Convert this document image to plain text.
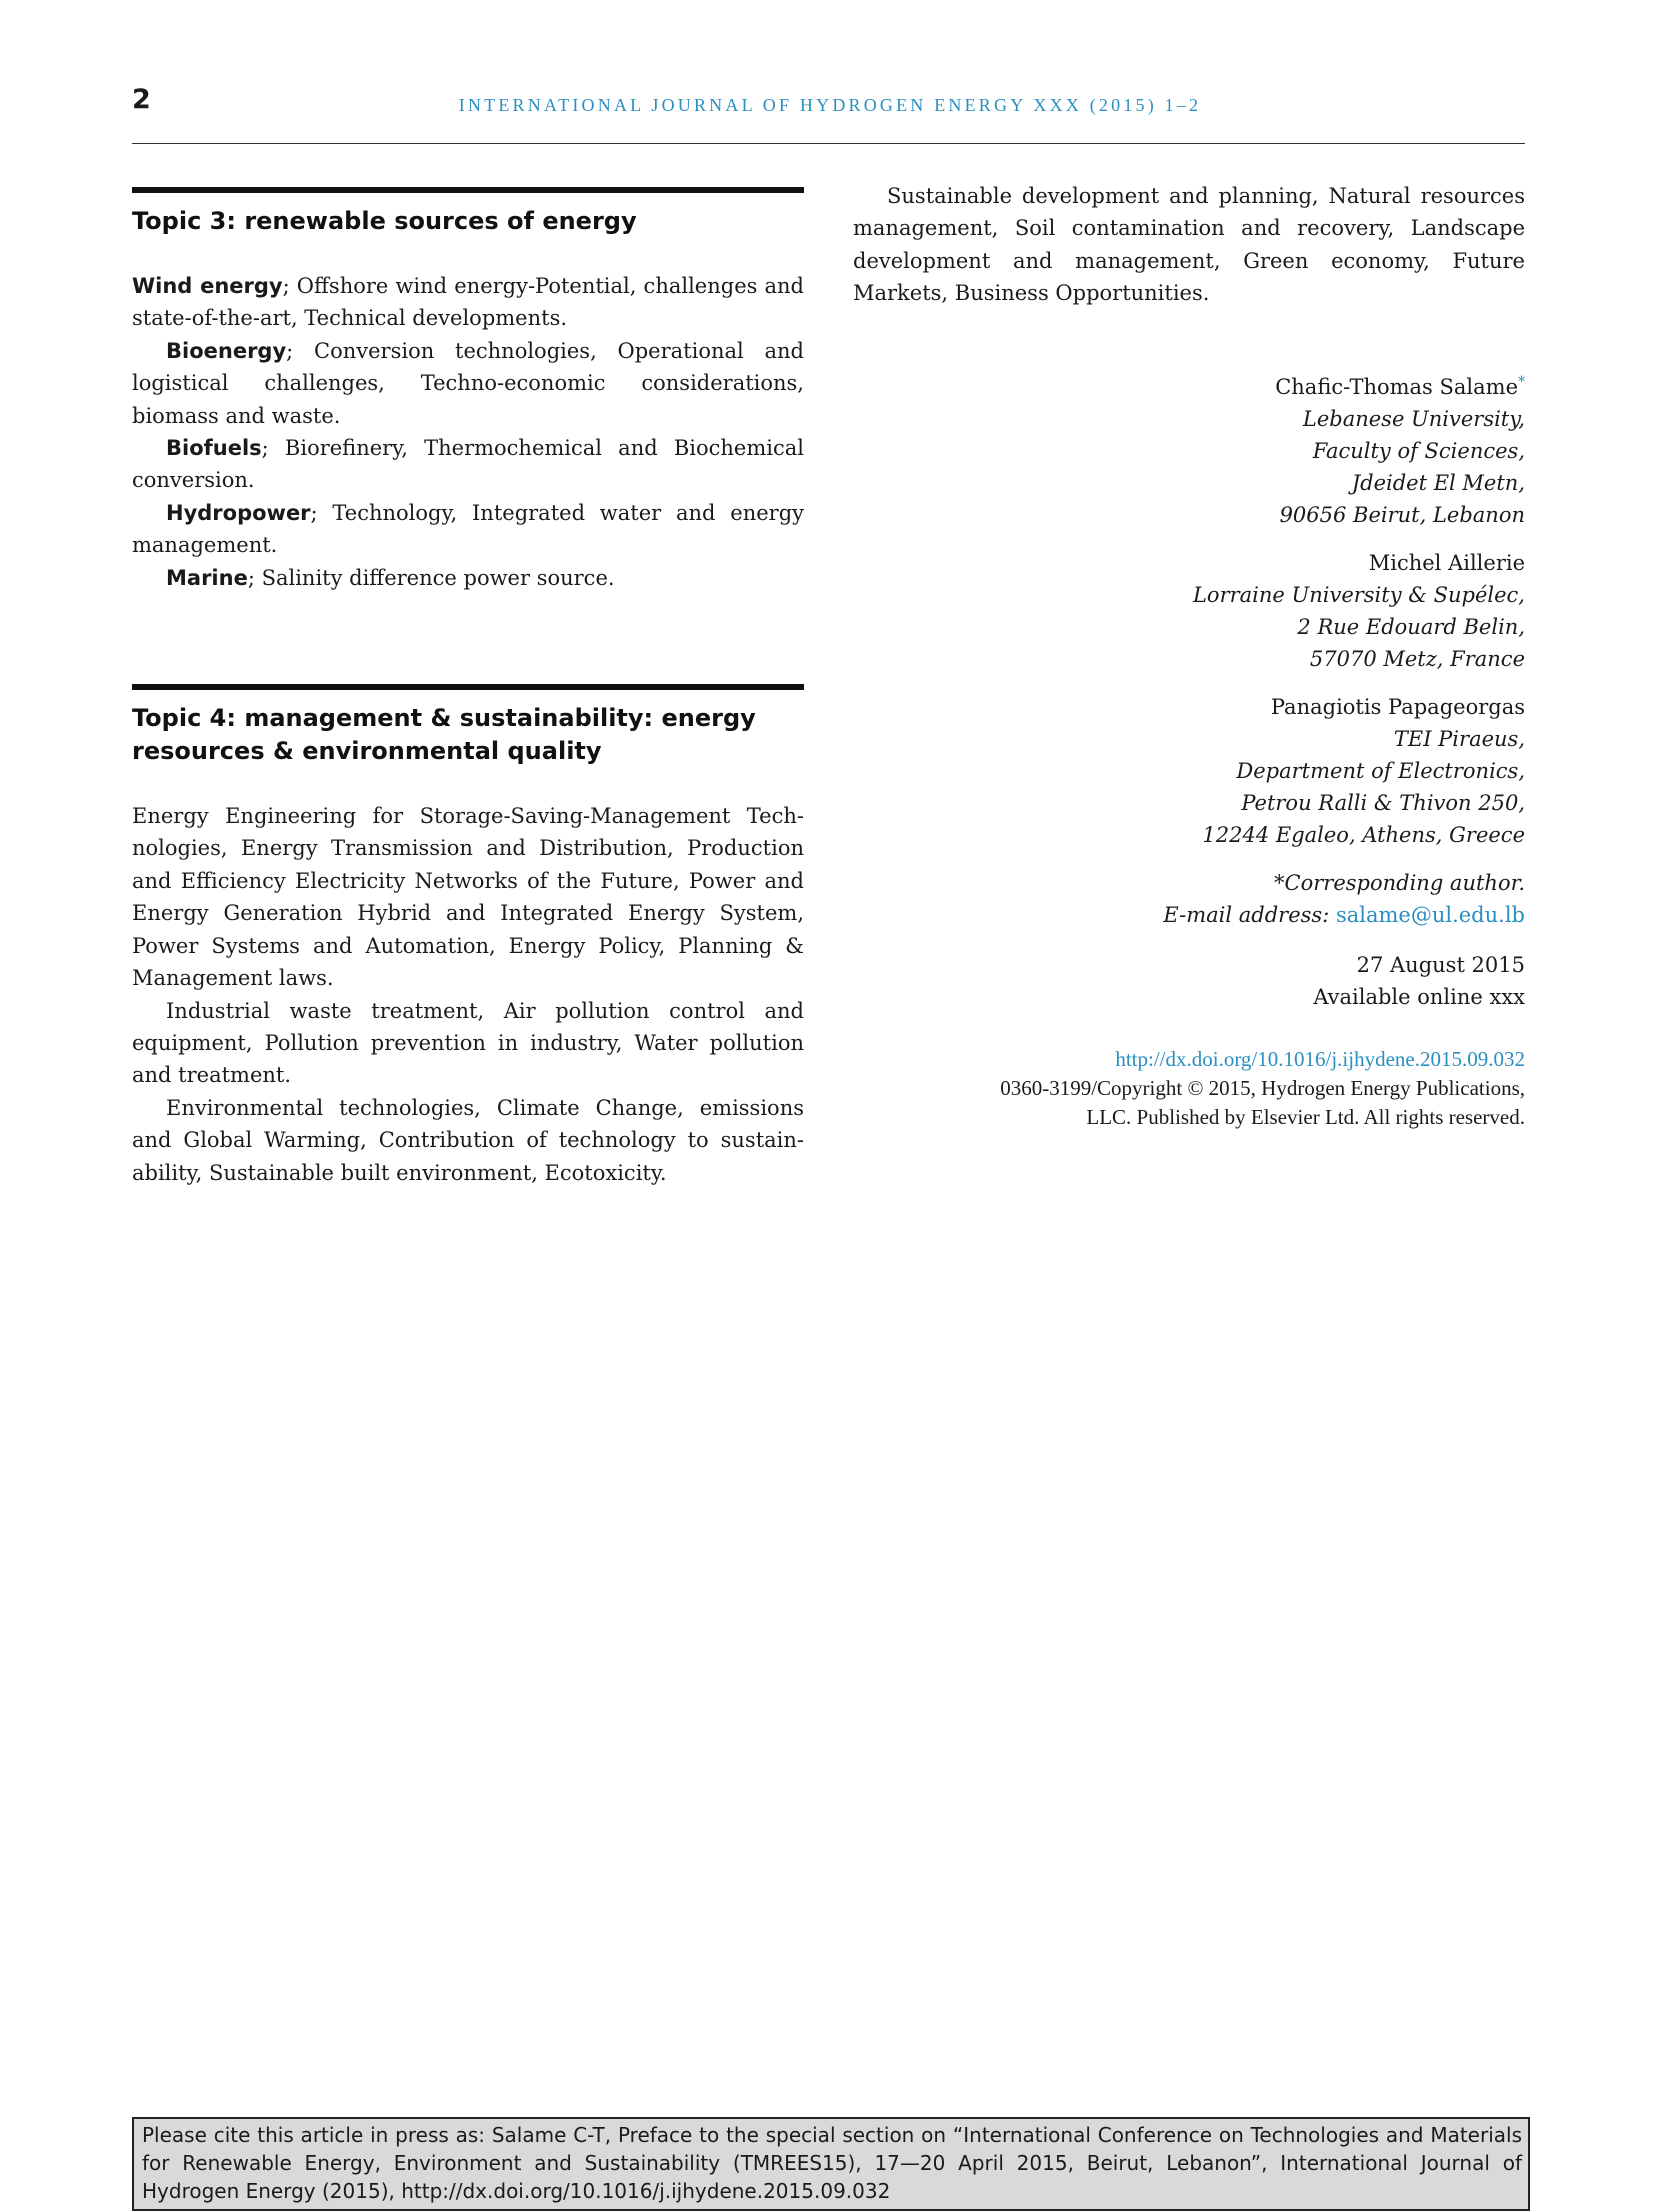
2	INTERNATIONAL JOURNAL OF HYDROGEN ENERGY XXX (2015) 1–2
Topic 3: renewable sources of energy

Wind energy; Offshore wind energy-Potential, challenges and state-of-the-art, Technical developments.

Bioenergy; Conversion technologies, Operational and logistical challenges, Techno-economic considerations, biomass and waste.

Biofuels; Biorefinery, Thermochemical and Biochemical conversion.

Hydropower; Technology, Integrated water and energy management.

Marine; Salinity difference power source.

Topic 4: management & sustainability: energy resources & environmental quality

Energy Engineering for Storage-Saving-Management Tech-nologies, Energy Transmission and Distribution, Production and Efficiency Electricity Networks of the Future, Power and Energy Generation Hybrid and Integrated Energy System, Power Systems and Automation, Energy Policy, Planning & Management laws.

Industrial waste treatment, Air pollution control and equipment, Pollution prevention in industry, Water pollution and treatment.

Environmental technologies, Climate Change, emissions and Global Warming, Contribution of technology to sustain-ability, Sustainable built environment, Ecotoxicity.

Sustainable development and planning, Natural resources management, Soil contamination and recovery, Landscape development and management, Green economy, Future Markets, Business Opportunities.

Chafic-Thomas Salame*
Lebanese University,
Faculty of Sciences,
Jdeidet El Metn,
90656 Beirut, Lebanon
Michel Aillerie
Lorraine University & Supélec,
2 Rue Edouard Belin,
57070 Metz, France
Panagiotis Papageorgas
TEI Piraeus,
Department of Electronics,
Petrou Ralli & Thivon 250,
12244 Egaleo, Athens, Greece
*Corresponding author.
E-mail address: salame@ul.edu.lb
27 August 2015
Available online xxx
http://dx.doi.org/10.1016/j.ijhydene.2015.09.032
0360-3199/Copyright © 2015, Hydrogen Energy Publications,
LLC. Published by Elsevier Ltd. All rights reserved.
Please cite this article in press as: Salame C-T, Preface to the special section on “International Conference on Technologies and Materials for Renewable Energy, Environment and Sustainability (TMREES15), 17—20 April 2015, Beirut, Lebanon”, International Journal of Hydrogen Energy (2015), http://dx.doi.org/10.1016/j.ijhydene.2015.09.032
